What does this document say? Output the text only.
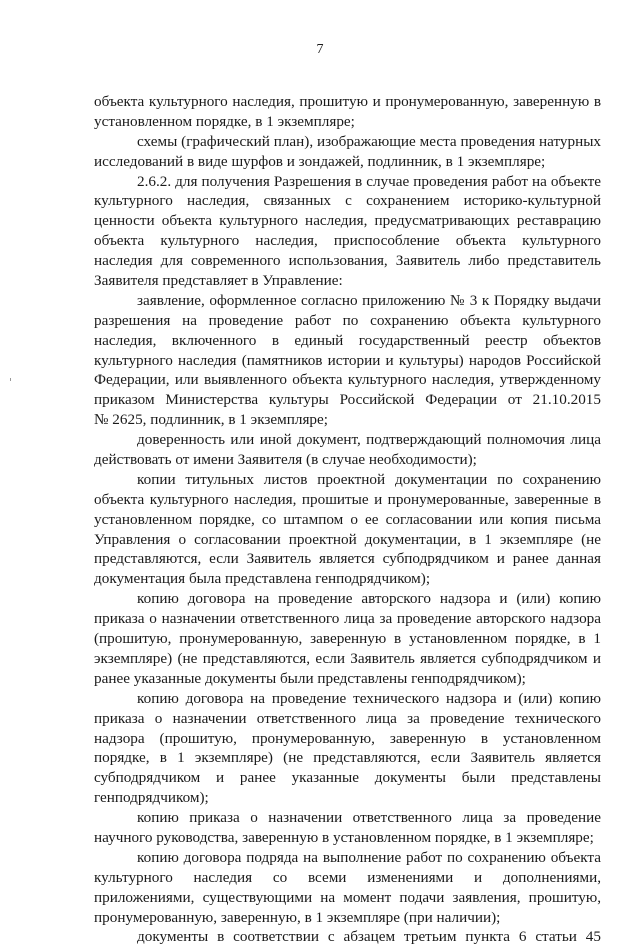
7
объекта культурного наследия, прошитую и пронумерованную, заверенную в
установленном порядке, в 1 экземпляре;
схемы (графический план), изображающие места проведения натурных
исследований в виде шурфов и зондажей, подлинник, в 1 экземпляре;
2.6.2. для получения Разрешения в случае проведения работ на объекте
культурного наследия, связанных с сохранением историко-культурной
ценности объекта культурного наследия, предусматривающих реставрацию
объекта культурного наследия, приспособление объекта культурного
наследия для современного использования, Заявитель либо представитель
Заявителя представляет в Управление:
заявление, оформленное согласно приложению № 3 к Порядку выдачи
разрешения на проведение работ по сохранению объекта культурного
наследия, включенного в единый государственный реестр объектов
культурного наследия (памятников истории и культуры) народов Российской
Федерации, или выявленного объекта культурного наследия, утвержденному
приказом Министерства культуры Российской Федерации от 21.10.2015
№ 2625, подлинник, в 1 экземпляре;
доверенность или иной документ, подтверждающий полномочия лица
действовать от имени Заявителя (в случае необходимости);
копии титульных листов проектной документации по сохранению
объекта культурного наследия, прошитые и пронумерованные, заверенные в
установленном порядке, со штампом о ее согласовании или копия письма
Управления о согласовании проектной документации, в 1 экземпляре (не
представляются, если Заявитель является субподрядчиком и ранее данная
документация была представлена генподрядчиком);
копию договора на проведение авторского надзора и (или) копию
приказа о назначении ответственного лица за проведение авторского надзора
(прошитую, пронумерованную, заверенную в установленном порядке, в 1
экземпляре) (не представляются, если Заявитель является субподрядчиком и
ранее указанные документы были представлены генподрядчиком);
копию договора на проведение технического надзора и (или) копию
приказа о назначении ответственного лица за проведение технического
надзора (прошитую, пронумерованную, заверенную в установленном
порядке, в 1 экземпляре) (не представляются, если Заявитель является
субподрядчиком и ранее указанные документы были представлены
генподрядчиком);
копию приказа о назначении ответственного лица за проведение
научного руководства, заверенную в установленном порядке, в 1 экземпляре;
копию договора подряда на выполнение работ по сохранению объекта
культурного наследия со всеми изменениями и дополнениями,
приложениями, существующими на момент подачи заявления, прошитую,
пронумерованную, заверенную, в 1 экземпляре (при наличии);
документы в соответствии с абзацем третьим пункта 6 статьи 45
